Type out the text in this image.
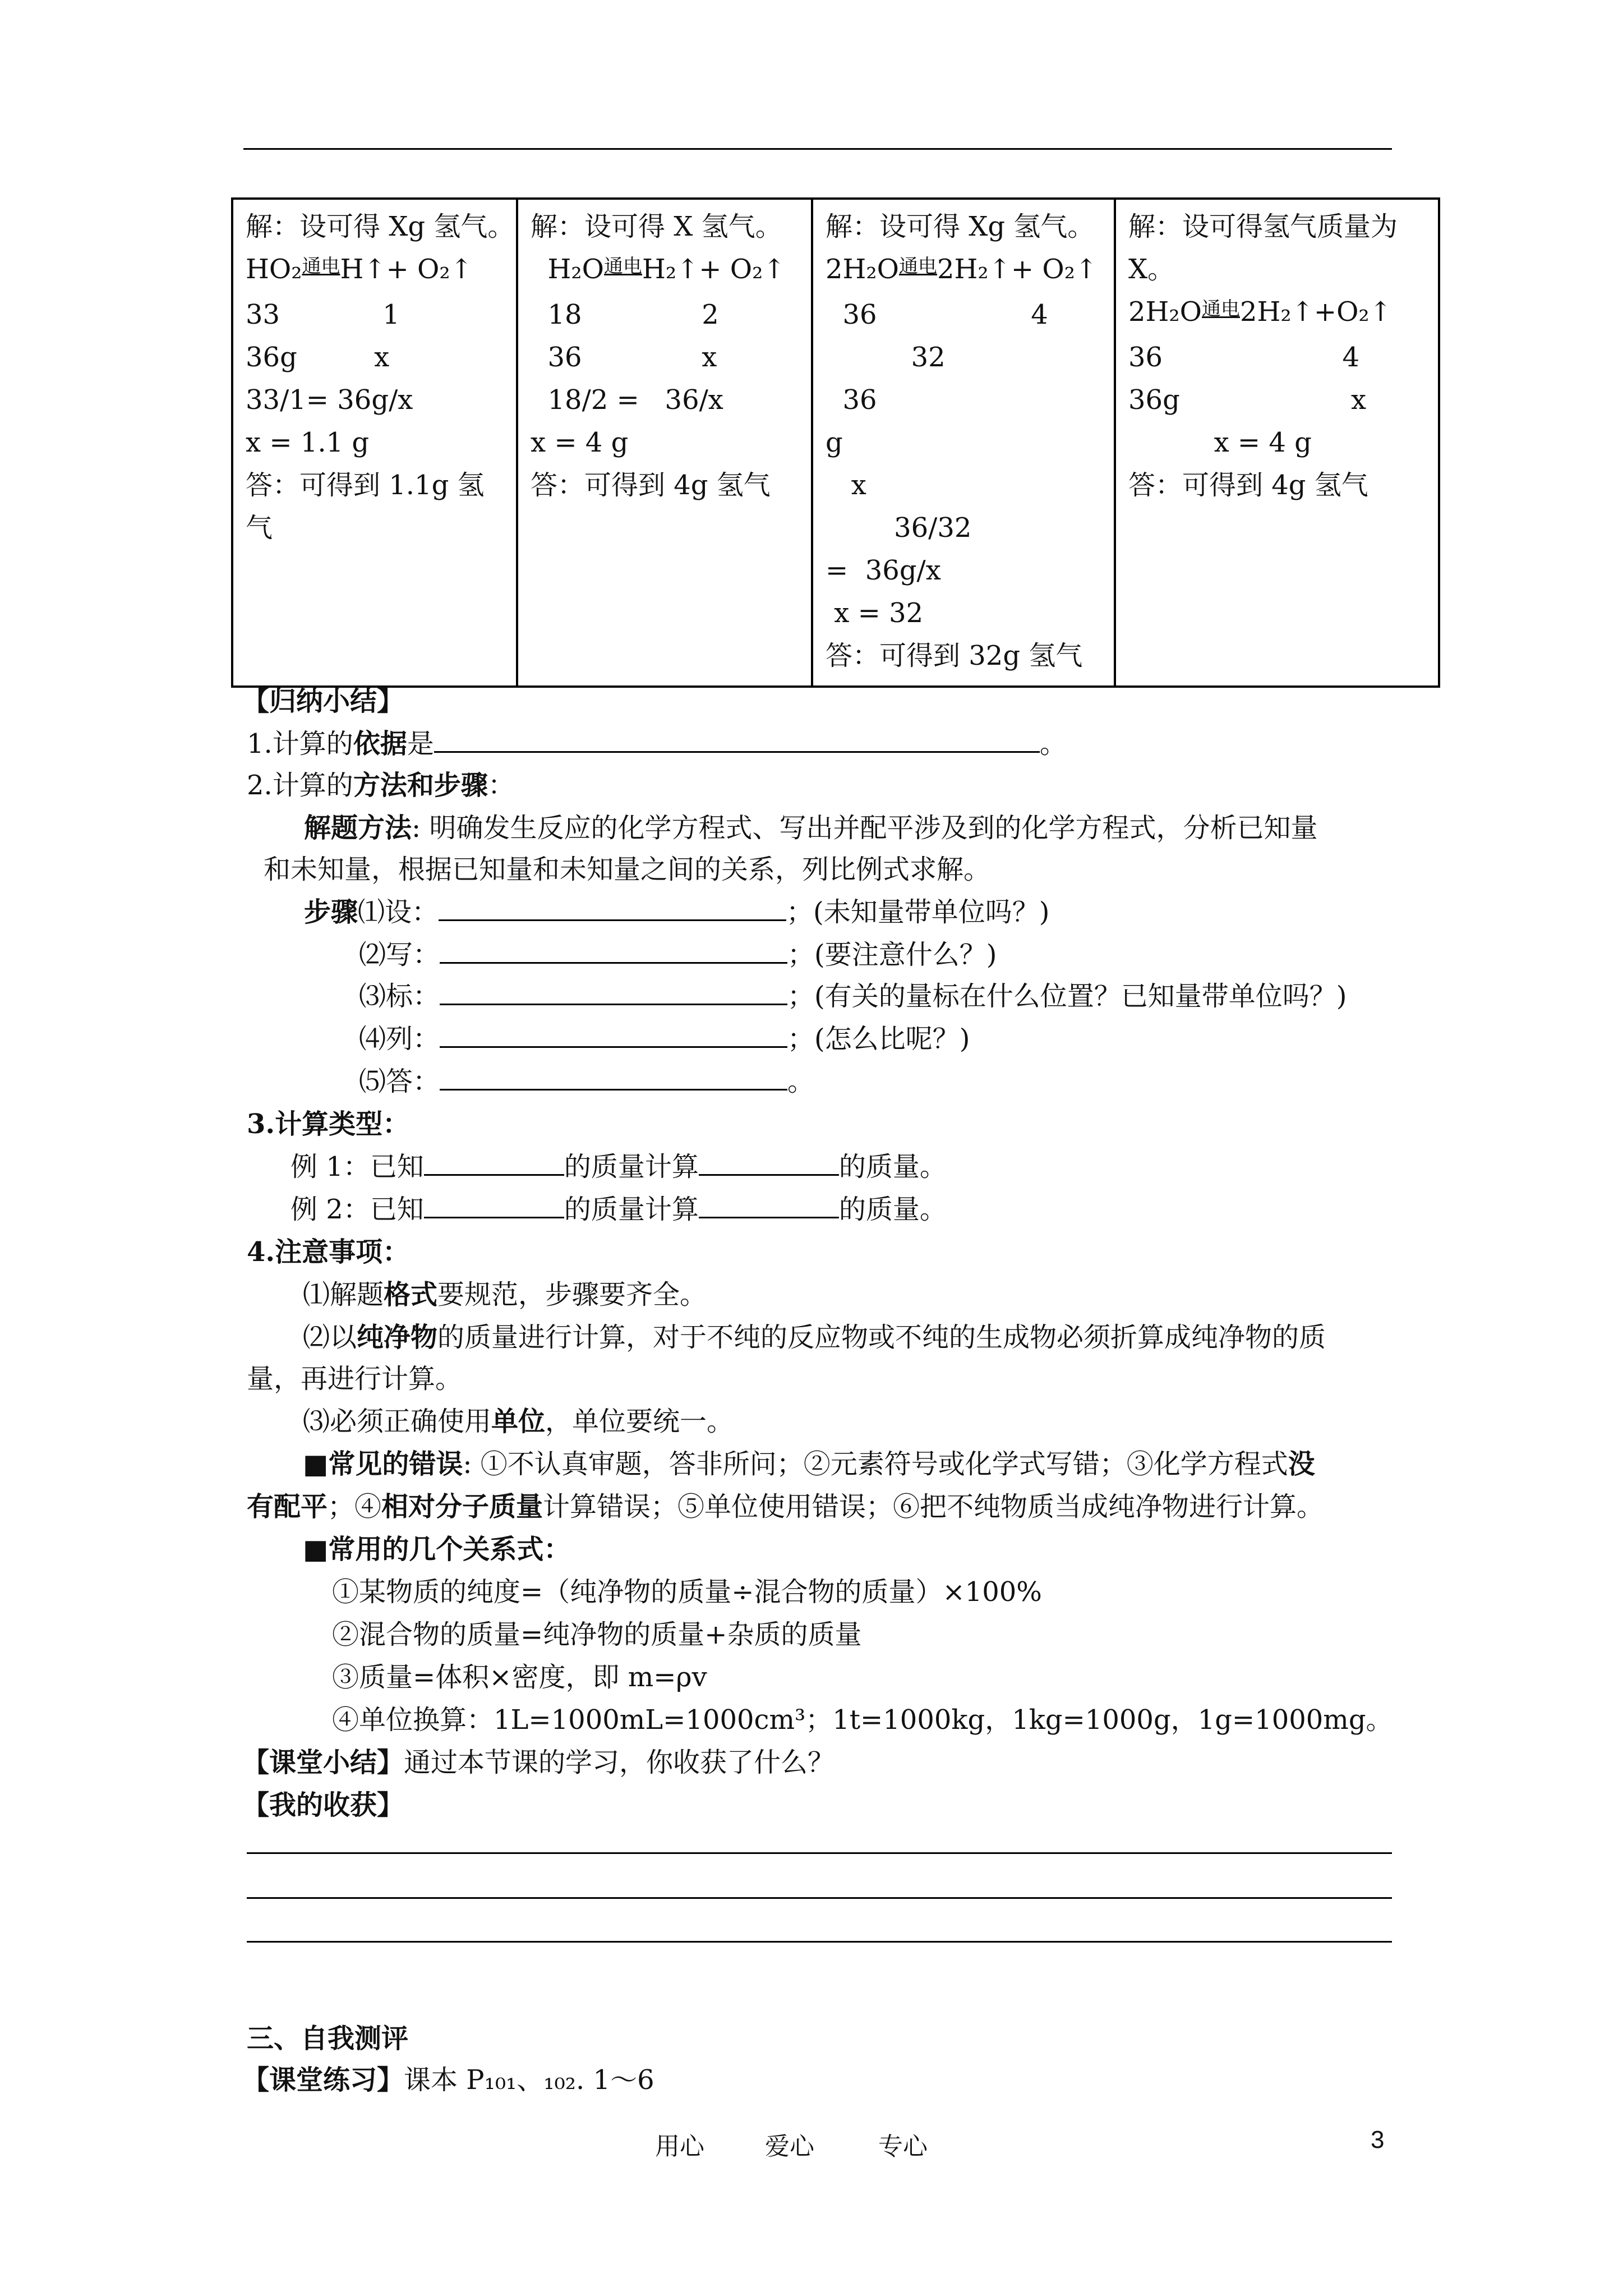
解：设可得 Xg 氢气。
HO₂$^{通电}$H↑+ O₂↑
33            1
36g         x
33/1= 36g/x
x = 1.1 g
答：可得到 1.1g 氢
气

解：设可得 X 氢气。
$H_2O^{通电}H_2↑+$ O₂↑
18              2
36              x
18/2 =   36/x
x = 4 g
答：可得到 4g 氢气

解：设可得 Xg 氢气。
$2H_2O^{通电}2H_2↑+$ O₂↑
36                  4
32
36
g
x
36/32
=  36g/x
x = 32
答：可得到 32g 氢气

解：设可得氢气质量为
X。
$2H_2O^{通电}2H_2↑+O_2↑$
36                     4
36g                    x
x = 4 g
答：可得到 4g 氢气
【归纳小结】
1.计算的依据是	。
2.计算的方法和步骤：
解题方法: 明确发生反应的化学方程式、写出并配平涉及到的化学方程式，分析已知量
和未知量，根据已知量和未知量之间的关系，列比例式求解。
步骤⑴设：	；(未知量带单位吗？)
⑵写：	；(要注意什么？)
⑶标：	；(有关的量标在什么位置？已知量带单位吗？)
⑷列：	；(怎么比呢？)
⑸答：	。
3.计算类型：
例 1：已知	的质量计算	的质量。
例 2：已知	的质量计算	的质量。
4.注意事项：
⑴解题格式要规范，步骤要齐全。
⑵以纯净物的质量进行计算，对于不纯的反应物或不纯的生成物必须折算成纯净物的质
量，再进行计算。
⑶必须正确使用单位，单位要统一。
■常见的错误: ①不认真审题，答非所问；②元素符号或化学式写错；③化学方程式没
有配平；④相对分子质量计算错误；⑤单位使用错误；⑥把不纯物质当成纯净物进行计算。
■常用的几个关系式：
①某物质的纯度=（纯净物的质量÷混合物的质量）×100%
②混合物的质量=纯净物的质量+杂质的质量
③质量=体积×密度，即 m=ρv
④单位换算：1L=1000mL=1000cm³；1t=1000kg，1kg=1000g，1g=1000mg。
【课堂小结】通过本节课的学习，你收获了什么？
【我的收获】
三、自我测评
【课堂练习】课本 P₁₀₁、₁₀₂. 1～6
用心 爱心	专心	3
